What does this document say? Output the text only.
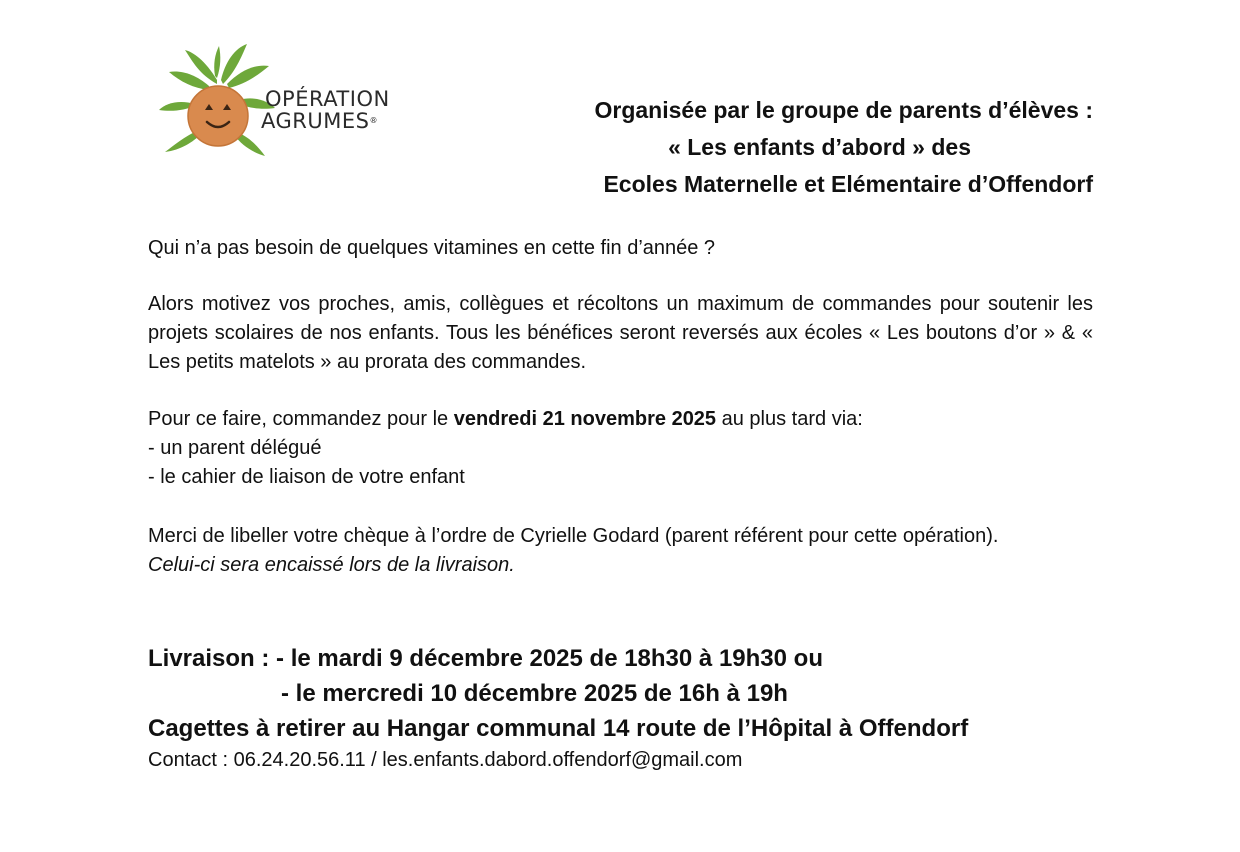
OPÉRATION

AGRUMES®	Organisée par le groupe de parents d’élèves :
« Les enfants d’abord » des
Ecoles Maternelle et Elémentaire d’Offendorf
Qui n’a pas besoin de quelques vitamines en cette fin d’année ?
Alors motivez vos proches, amis, collègues et récoltons un maximum de commandes pour soutenir les projets scolaires de nos enfants. Tous les bénéfices seront reversés aux écoles « Les boutons d’or » & « Les petits matelots » au prorata des commandes.
Pour ce faire, commandez pour le vendredi 21 novembre 2025 au plus tard via:
- un parent délégué
- le cahier de liaison de votre enfant
Merci de libeller votre chèque à l’ordre de Cyrielle Godard (parent référent pour cette opération).
Celui-ci sera encaissé lors de la livraison.
Livraison : - le mardi 9 décembre 2025 de 18h30 à 19h30 ou
- le mercredi 10 décembre 2025 de 16h à 19h
Cagettes à retirer au Hangar communal 14 route de l’Hôpital à Offendorf
Contact : 06.24.20.56.11 / les.enfants.dabord.offendorf@gmail.com
